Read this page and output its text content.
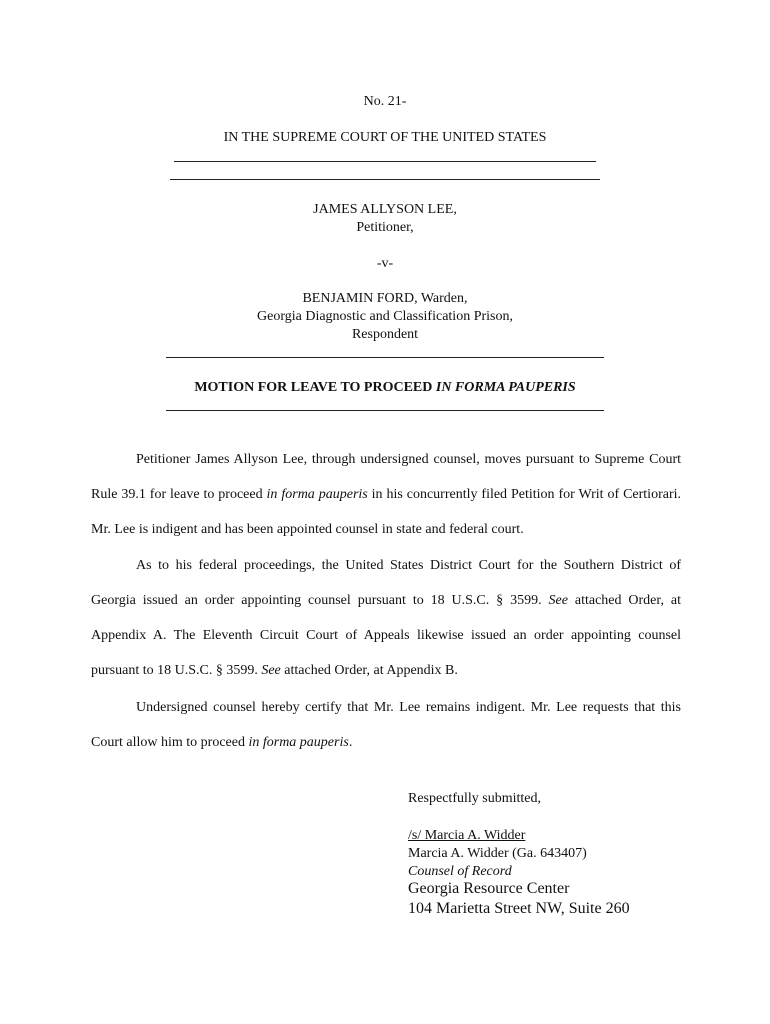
No. 21-
IN THE SUPREME COURT OF THE UNITED STATES
JAMES ALLYSON LEE,
Petitioner,
-v-
BENJAMIN FORD, Warden,
Georgia Diagnostic and Classification Prison,
Respondent
MOTION FOR LEAVE TO PROCEED IN FORMA PAUPERIS
Petitioner James Allyson Lee, through undersigned counsel, moves pursuant to Supreme Court Rule 39.1 for leave to proceed in forma pauperis in his concurrently filed Petition for Writ of Certiorari. Mr. Lee is indigent and has been appointed counsel in state and federal court.
As to his federal proceedings, the United States District Court for the Southern District of Georgia issued an order appointing counsel pursuant to 18 U.S.C. § 3599. See attached Order, at Appendix A. The Eleventh Circuit Court of Appeals likewise issued an order appointing counsel pursuant to 18 U.S.C. § 3599. See attached Order, at Appendix B.
Undersigned counsel hereby certify that Mr. Lee remains indigent. Mr. Lee requests that this Court allow him to proceed in forma pauperis.
Respectfully submitted,
/s/ Marcia A. Widder
Marcia A. Widder (Ga. 643407)
Counsel of Record
Georgia Resource Center
104 Marietta Street NW, Suite 260
